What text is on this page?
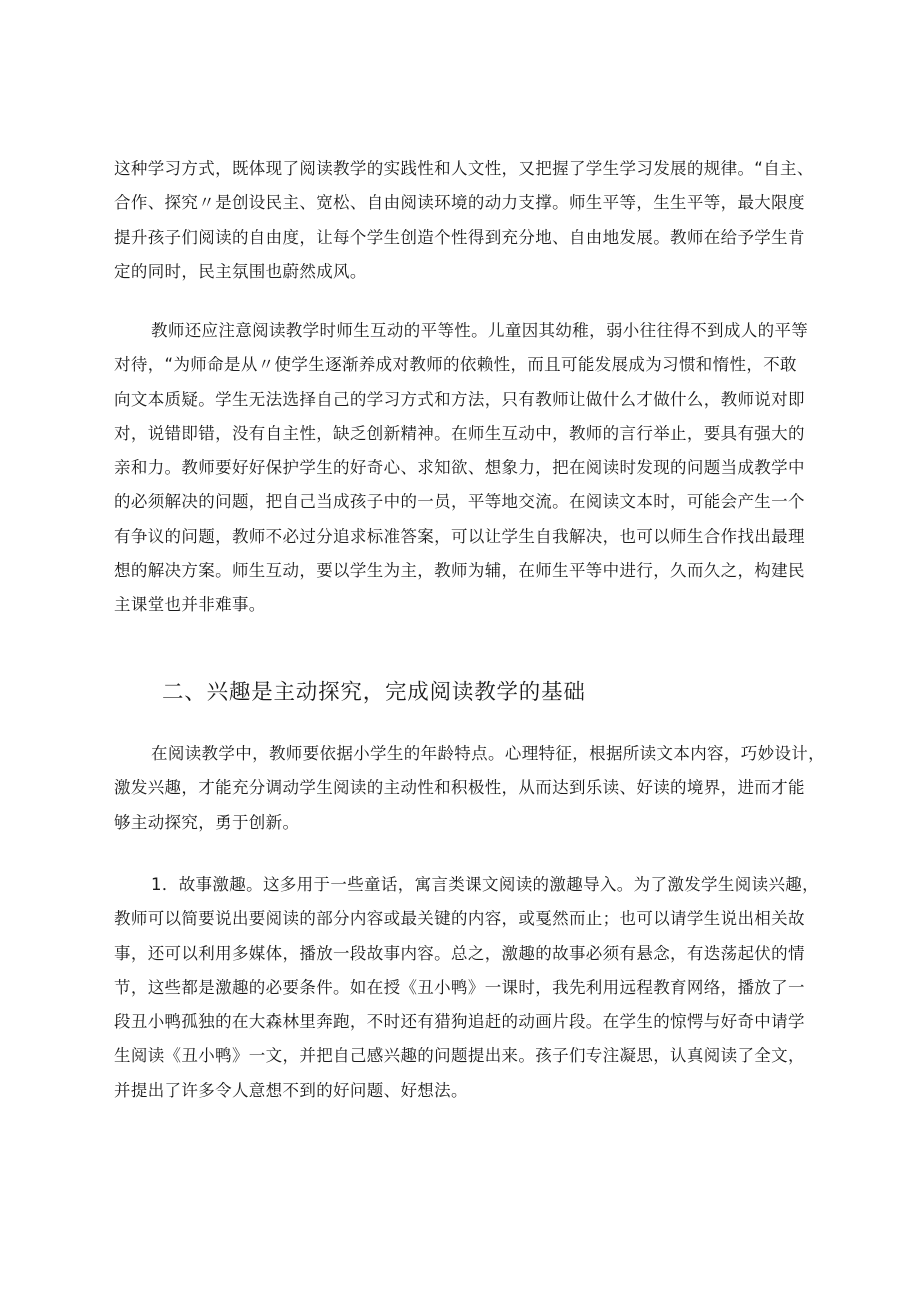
这种学习方式，既体现了阅读教学的实践性和人文性，又把握了学生学习发展的规律。“自主、
合作、探究〃是创设民主、宽松、自由阅读环境的动力支撑。师生平等，生生平等，最大限度
提升孩子们阅读的自由度，让每个学生创造个性得到充分地、自由地发展。教师在给予学生肯
定的同时，民主氛围也蔚然成风。
教师还应注意阅读教学时师生互动的平等性。儿童因其幼稚，弱小往往得不到成人的平等
对待，“为师命是从〃使学生逐渐养成对教师的依赖性，而且可能发展成为习惯和惰性，不敢
向文本质疑。学生无法选择自己的学习方式和方法，只有教师让做什么才做什么，教师说对即
对，说错即错，没有自主性，缺乏创新精神。在师生互动中，教师的言行举止，要具有强大的
亲和力。教师要好好保护学生的好奇心、求知欲、想象力，把在阅读时发现的问题当成教学中
的必须解决的问题，把自己当成孩子中的一员，平等地交流。在阅读文本时，可能会产生一个
有争议的问题，教师不必过分追求标准答案，可以让学生自我解决，也可以师生合作找出最理
想的解决方案。师生互动，要以学生为主，教师为辅，在师生平等中进行，久而久之，构建民
主课堂也并非难事。
二、兴趣是主动探究，完成阅读教学的基础
在阅读教学中，教师要依据小学生的年龄特点。心理特征，根据所读文本内容，巧妙设计，
激发兴趣，才能充分调动学生阅读的主动性和积极性，从而达到乐读、好读的境界，进而才能
够主动探究，勇于创新。
1．故事激趣。这多用于一些童话，寓言类课文阅读的激趣导入。为了激发学生阅读兴趣，
教师可以简要说出要阅读的部分内容或最关键的内容，或戛然而止；也可以请学生说出相关故
事，还可以利用多媒体，播放一段故事内容。总之，激趣的故事必须有悬念，有迭荡起伏的情
节，这些都是激趣的必要条件。如在授《丑小鸭》一课时，我先利用远程教育网络，播放了一
段丑小鸭孤独的在大森林里奔跑，不时还有猎狗追赶的动画片段。在学生的惊愕与好奇中请学
生阅读《丑小鸭》一文，并把自己感兴趣的问题提出来。孩子们专注凝思，认真阅读了全文，
并提出了许多令人意想不到的好问题、好想法。
